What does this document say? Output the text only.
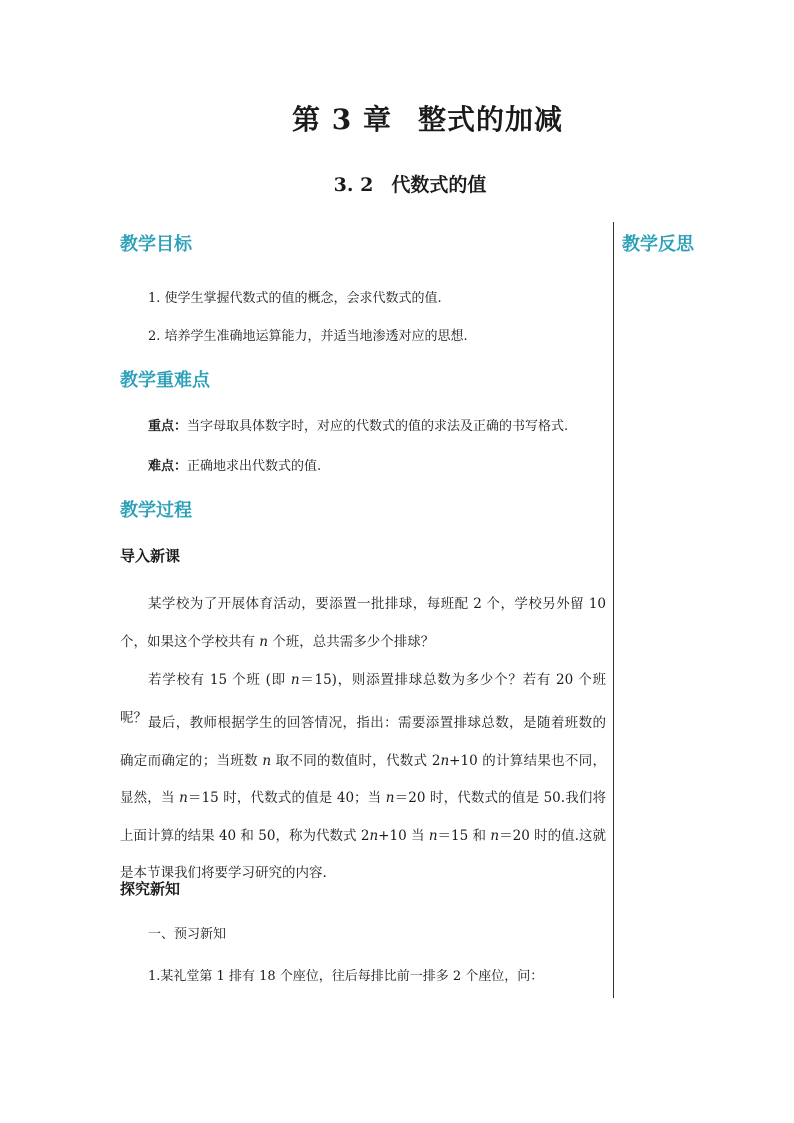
第 3 章 整式的加减
3. 2 代数式的值
教学反思
教学目标

1. 使学生掌握代数式的值的概念，会求代数式的值.

2. 培养学生准确地运算能力，并适当地渗透对应的思想.

教学重难点

重点：当字母取具体数字时，对应的代数式的值的求法及正确的书写格式.

难点：正确地求出代数式的值.

教学过程
导入新课

某学校为了开展体育活动，要添置一批排球，每班配 2 个，学校另外留 10 个，如果这个学校共有 n 个班，总共需多少个排球？

若学校有 15 个班 (即 n＝15)，则添置排球总数为多少个？若有 20 个班呢？ 最后，教师根据学生的回答情况，指出：需要添置排球总数，是随着班数的确定而确定的；当班数 n 取不同的数值时，代数式 2n+10 的计算结果也不同，显然，当 n＝15 时，代数式的值是 40；当 n＝20 时，代数式的值是 50.我们将上面计算的结果 40 和 50，称为代数式 2n+10 当 n＝15 和 n＝20 时的值.这就是本节课我们将要学习研究的内容.

探究新知

一、预习新知

1.某礼堂第 1 排有 18 个座位，往后每排比前一排多 2 个座位，问：
